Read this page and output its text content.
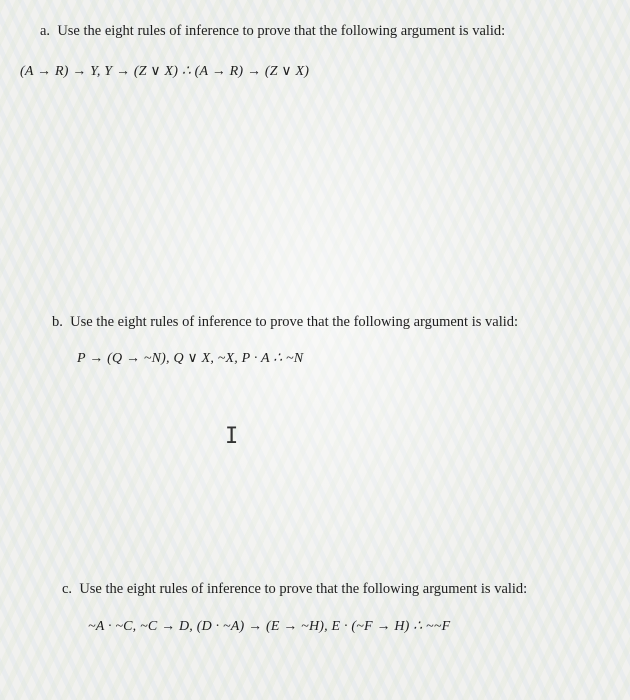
a. Use the eight rules of inference to prove that the following argument is valid:
(A → R) → Y, Y → (Z ∨ X) ∴ (A → R) → (Z ∨ X)
b. Use the eight rules of inference to prove that the following argument is valid:
P → (Q → ~N), Q ∨ X, ~X, P · A ∴ ~N
I
c. Use the eight rules of inference to prove that the following argument is valid:
~A · ~C, ~C → D, (D · ~A) → (E → ~H), E · (~F → H) ∴ ~~F
